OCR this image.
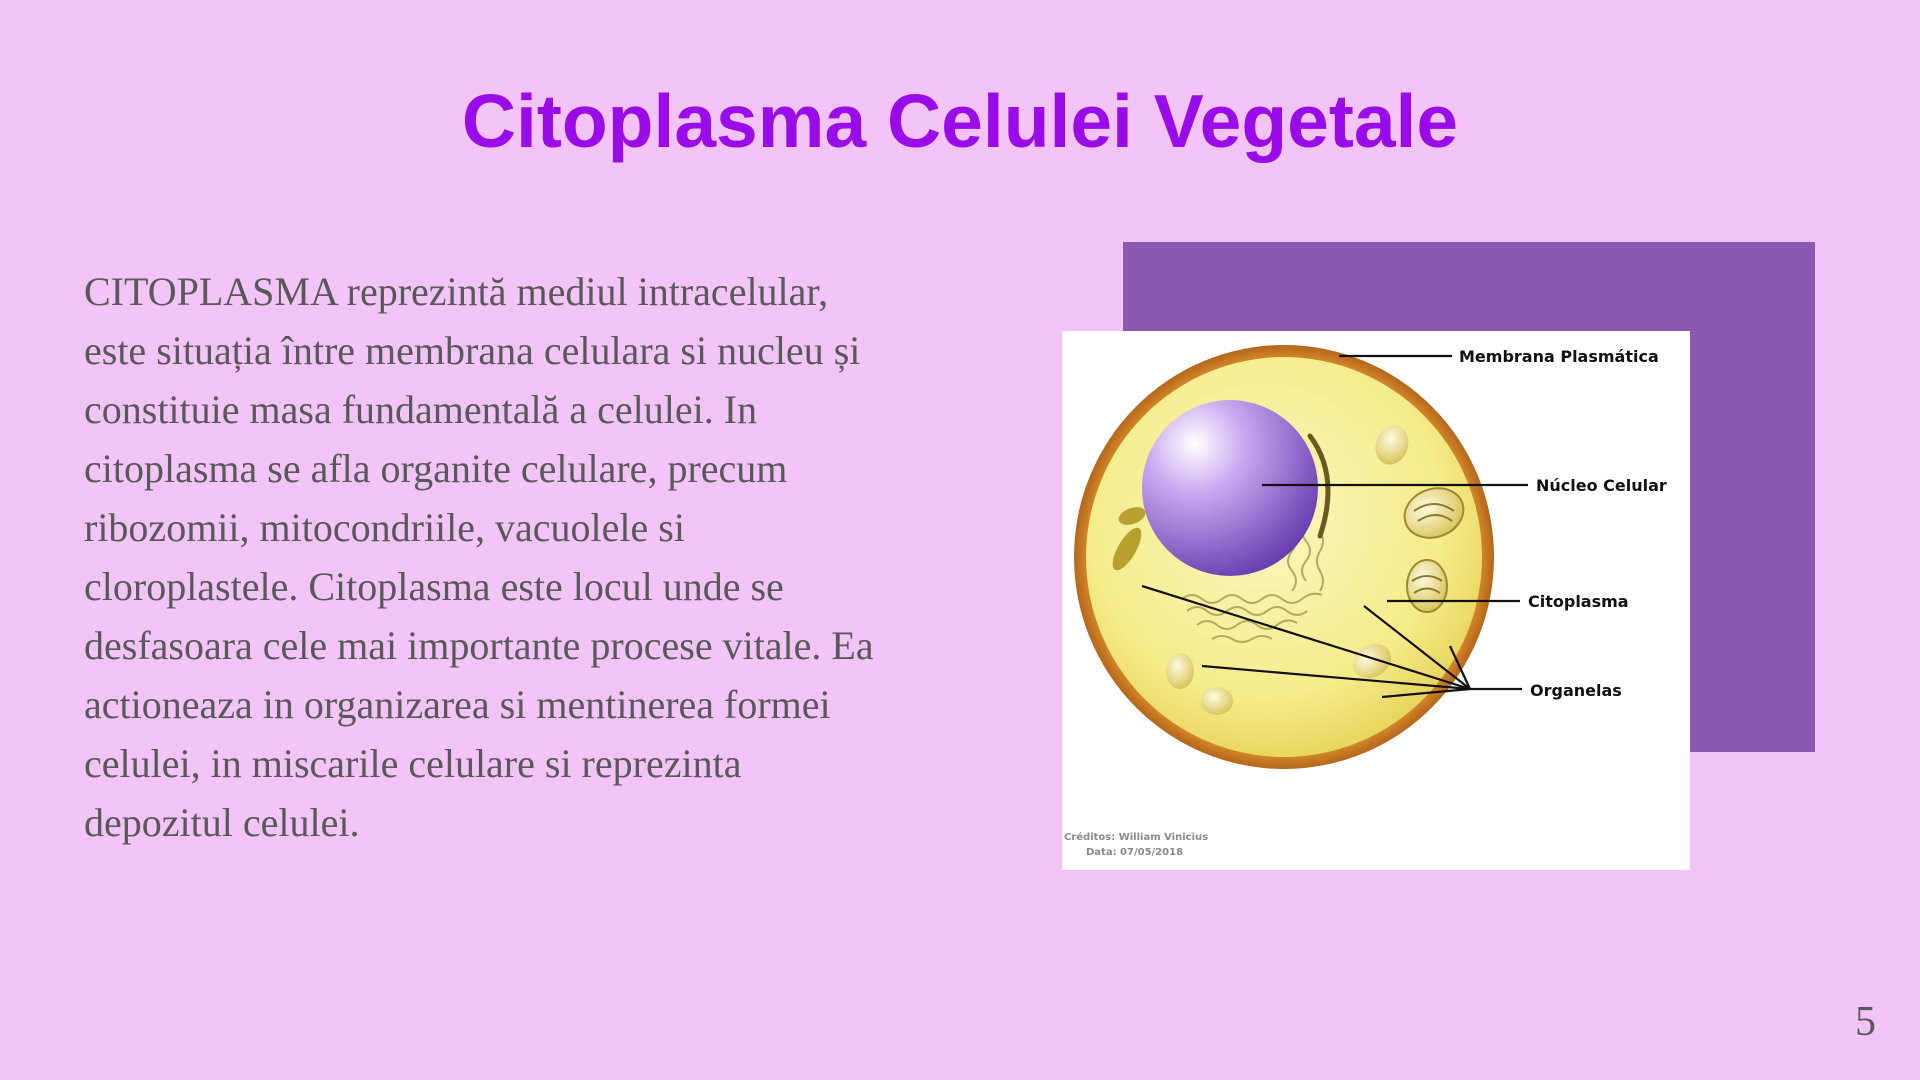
Citoplasma Celulei Vegetale

CITOPLASMA reprezintă mediul intracelular, este situația între membrana celulara si nucleu și constituie masa fundamentală a celulei. In citoplasma se afla organite celulare, precum ribozomii, mitocondriile, vacuolele si cloroplastele. Citoplasma este locul unde se desfasoara cele mai importante procese vitale. Ea actioneaza in organizarea si mentinerea formei celulei, in miscarile celulare si reprezinta depozitul celulei.

Membrana Plasmática
Núcleo Celular
Citoplasma
Organelas
Créditos: William Vinicius
Data: 07/05/2018
5
